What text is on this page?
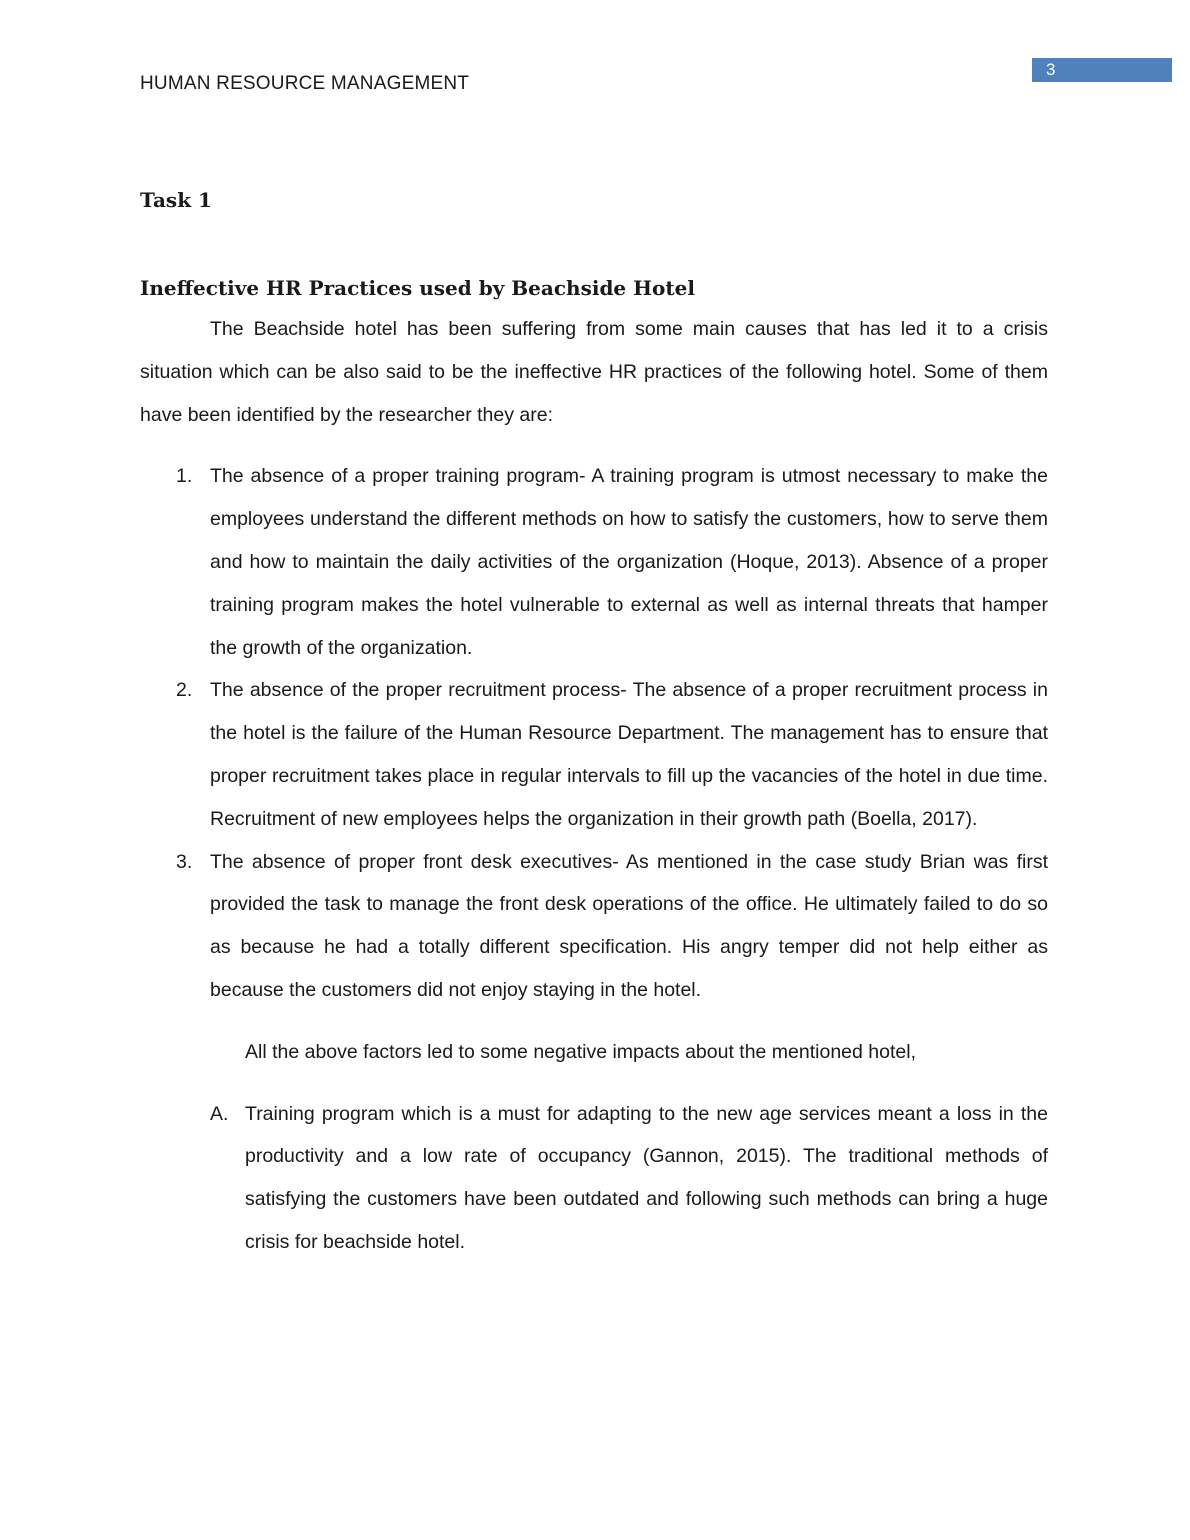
3
HUMAN RESOURCE MANAGEMENT
Task 1
Ineffective HR Practices used by Beachside Hotel

The Beachside hotel has been suffering from some main causes that has led it to a crisis situation which can be also said to be the ineffective HR practices of the following hotel. Some of them have been identified by the researcher they are:

1. The absence of a proper training program- A training program is utmost necessary to make the employees understand the different methods on how to satisfy the customers, how to serve them and how to maintain the daily activities of the organization (Hoque, 2013). Absence of a proper training program makes the hotel vulnerable to external as well as internal threats that hamper the growth of the organization.
2. The absence of the proper recruitment process- The absence of a proper recruitment process in the hotel is the failure of the Human Resource Department. The management has to ensure that proper recruitment takes place in regular intervals to fill up the vacancies of the hotel in due time. Recruitment of new employees helps the organization in their growth path (Boella, 2017).
3. The absence of proper front desk executives- As mentioned in the case study Brian was first provided the task to manage the front desk operations of the office. He ultimately failed to do so as because he had a totally different specification. His angry temper did not help either as because the customers did not enjoy staying in the hotel.

All the above factors led to some negative impacts about the mentioned hotel,

A. Training program which is a must for adapting to the new age services meant a loss in the productivity and a low rate of occupancy (Gannon, 2015). The traditional methods of satisfying the customers have been outdated and following such methods can bring a huge crisis for beachside hotel.
